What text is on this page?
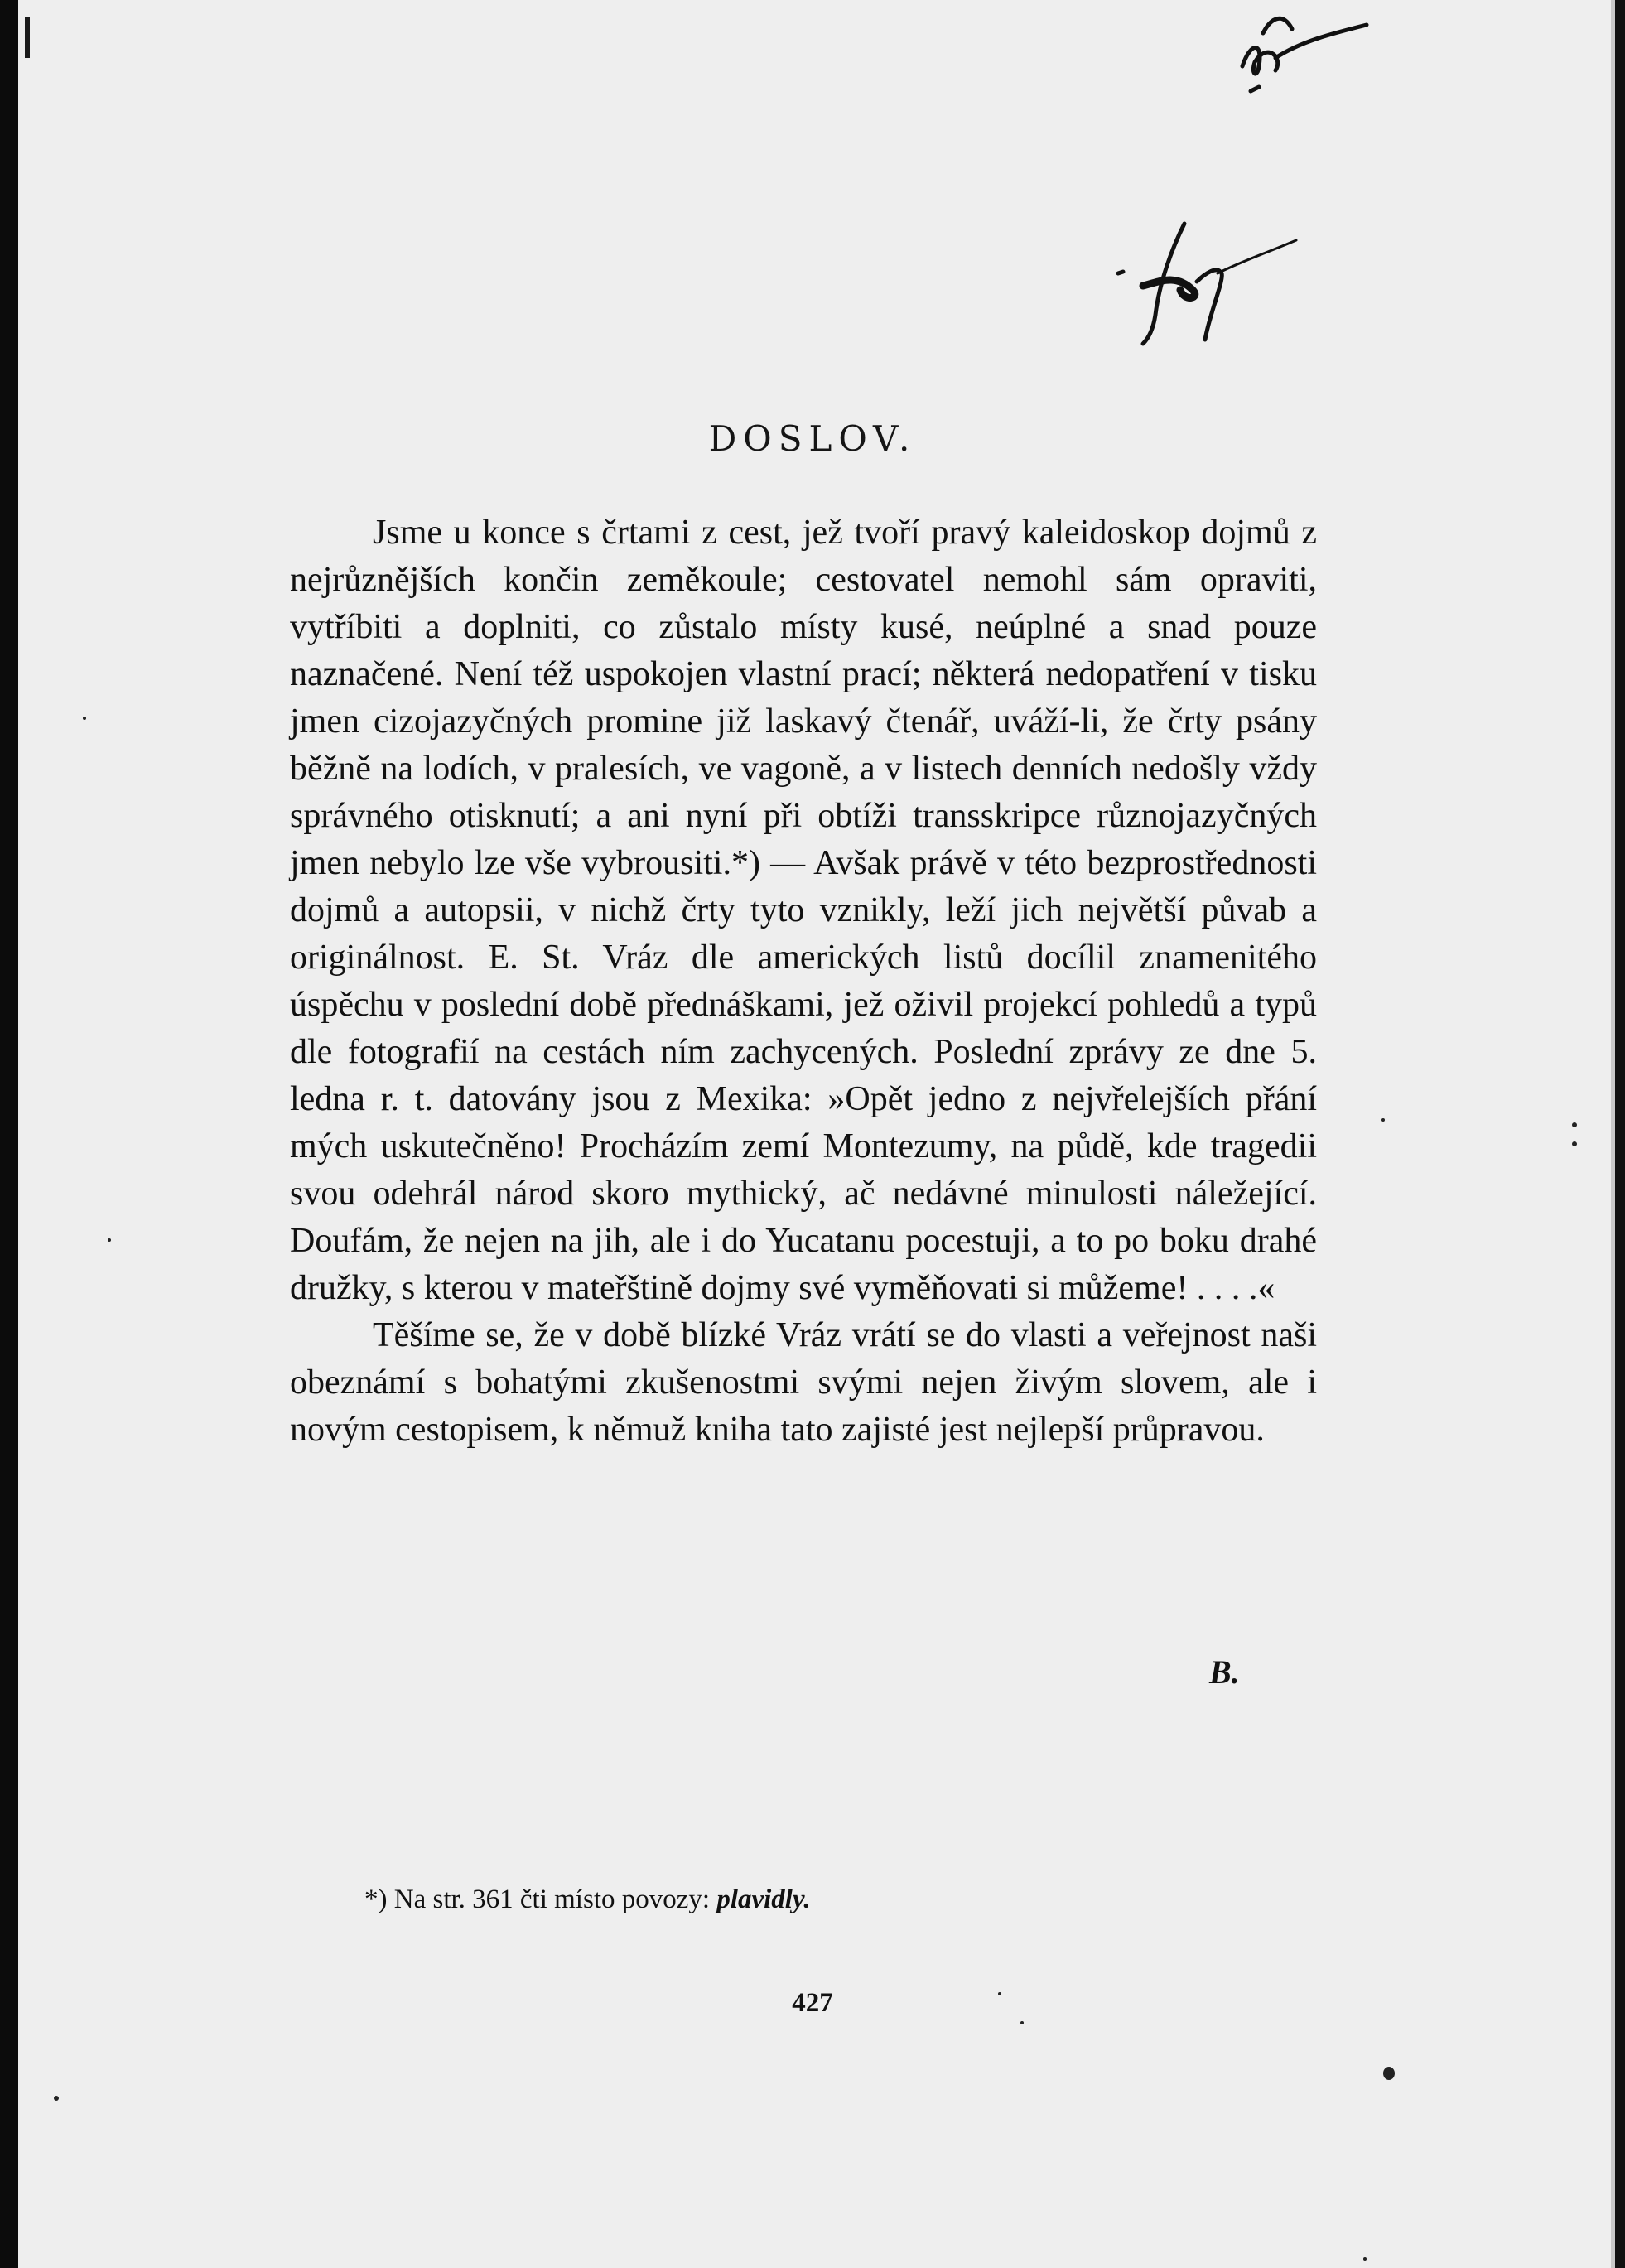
DOSLOV.

Jsme u konce s črtami z cest, jež tvoří pravý kaleidoskop dojmů z nejrůznějších končin zeměkoule; cestovatel nemohl sám opraviti, vytříbiti a doplniti, co zůstalo místy kusé, neúplné a snad pouze naznačené. Není též uspokojen vlastní prací; některá nedopatření v tisku jmen cizojazyčných promine již laskavý čtenář, uváží-li, že črty psány běžně na lodích, v pralesích, ve vagoně, a v listech denních nedošly vždy správného otisknutí; a ani nyní při obtíži transskripce různojazyčných jmen nebylo lze vše vybrousiti.*) — Avšak právě v této bezprostřednosti dojmů a autopsii, v nichž črty tyto vznikly, leží jich největší půvab a originálnost. E. St. Vráz dle amerických listů docílil znamenitého úspěchu v poslední době přednáškami, jež oživil projekcí pohledů a typů dle fotografií na cestách ním zachycených. Poslední zprávy ze dne 5. ledna r. t. datovány jsou z Mexika: »Opět jedno z nejvřelejších přání mých uskutečněno! Procházím zemí Montezumy, na půdě, kde tragedii svou odehrál národ skoro mythický, ač nedávné minulosti náležející. Doufám, že nejen na jih, ale i do Yucatanu pocestuji, a to po boku drahé družky, s kterou v mateřštině dojmy své vyměňovati si můžeme! . . . .«

Těšíme se, že v době blízké Vráz vrátí se do vlasti a veřejnost naši obeznámí s bohatými zkušenostmi svými nejen živým slovem, ale i novým cestopisem, k němuž kniha tato zajisté jest nejlepší průpravou.

B.
*) Na str. 361 čti místo povozy: plavidly.
427
